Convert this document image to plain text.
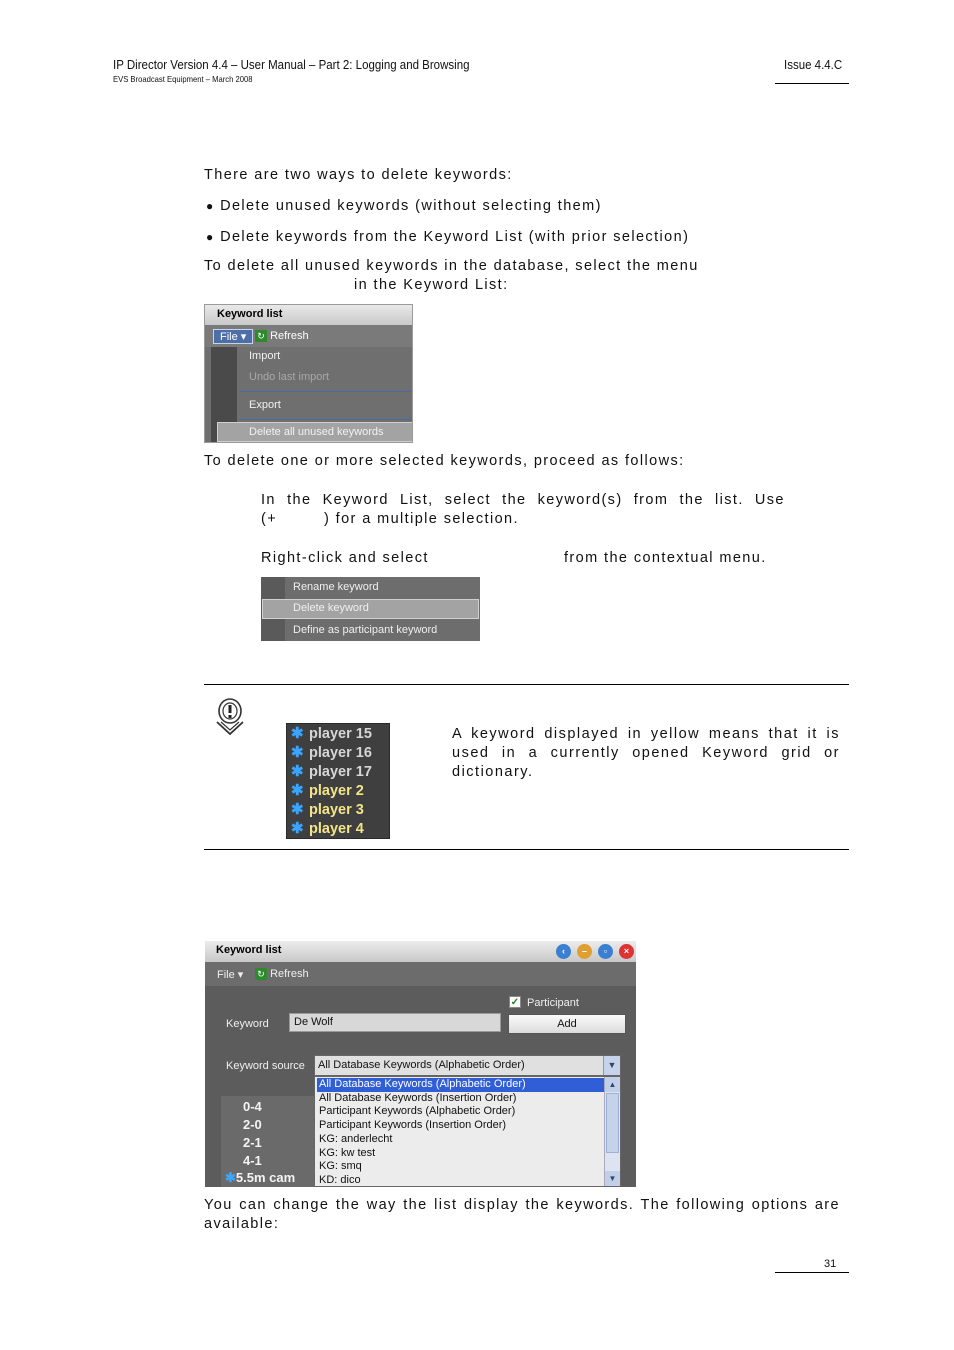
IP Director Version 4.4 – User Manual – Part 2: Logging and Browsing
EVS Broadcast Equipment – March 2008
Issue 4.4.C
There are two ways to delete keywords:
● Delete unused keywords (without selecting them)
● Delete keywords from the Keyword List (with prior selection)
To delete all unused keywords in the database, select the menu
in the Keyword List:
Keyword list
File ▾	↻ Refresh
Import
Undo last import
Export
Delete all unused keywords
To delete one or more selected keywords, proceed as follows:
In the Keyword List, select the keyword(s) from the list. Use
(+	) for a multiple selection.
Right-click and select	from the contextual menu.
Rename keyword
Delete keyword
Define as participant keyword
✱ player 15
✱ player 16
✱ player 17
✱ player 2
✱ player 3
✱ player 4
A keyword displayed in yellow means that it is
used in a currently opened Keyword grid or
dictionary.
Keyword list	‹	–	▫	×
File ▾ ↻ Refresh
✓ Participant
Keyword	De Wolf	Add
Keyword source	All Database Keywords (Alphabetic Order)	▼
0-4
2-0
2-1
4-1
✱5.5m cam
All Database Keywords (Alphabetic Order)
All Database Keywords (Insertion Order)
Participant Keywords (Alphabetic Order)
Participant Keywords (Insertion Order)
KG: anderlecht
KG: kw test
KG: smq
KD: dico
▲
▼
You can change the way the list display the keywords. The following options are
available:
31
